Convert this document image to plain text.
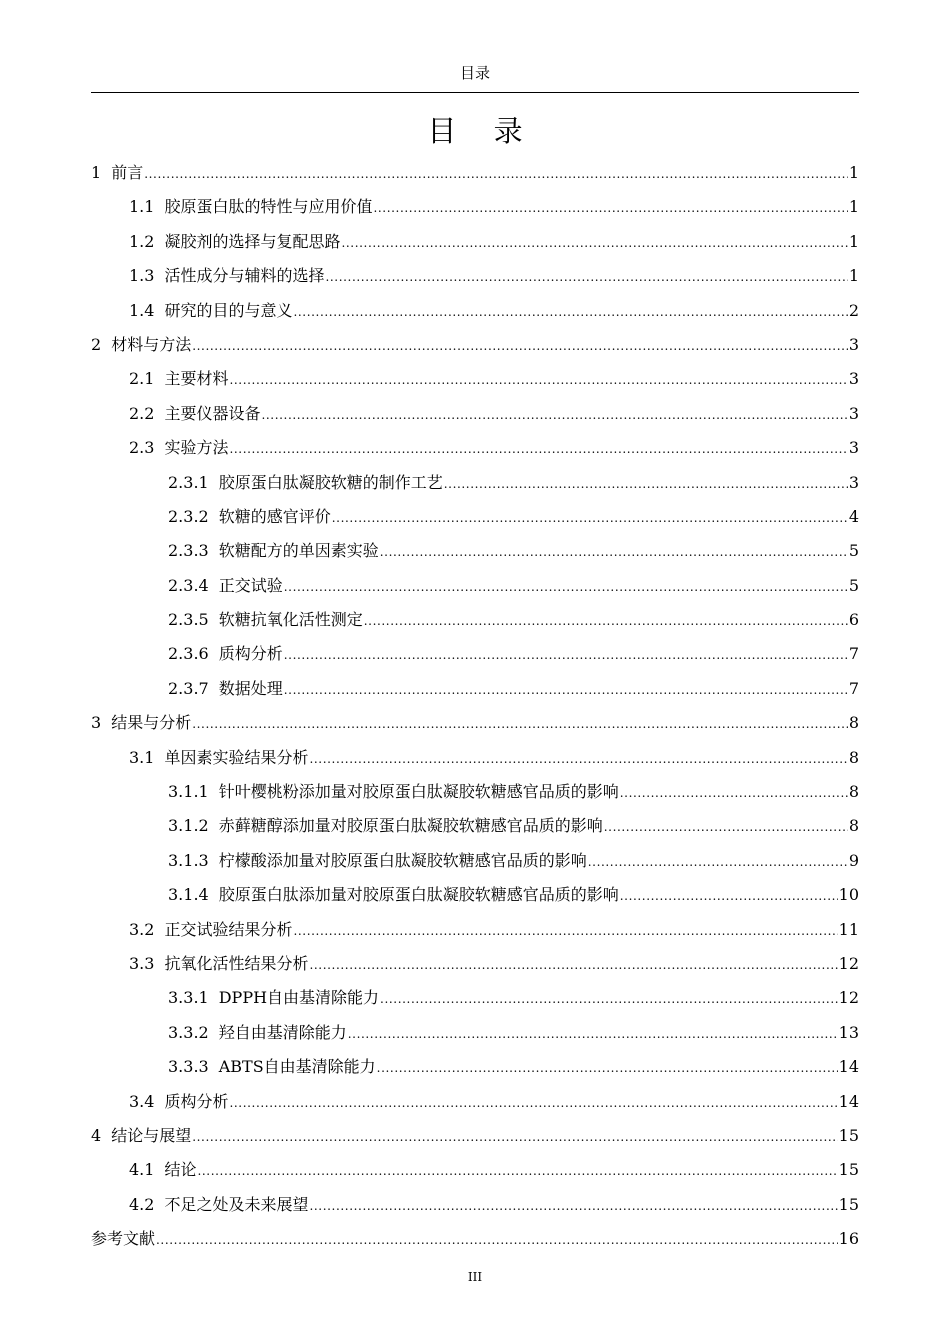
目录
目 录
1 前言 .....	1
1.1 胶原蛋白肽的特性与应用价值 .....	1
1.2 凝胶剂的选择与复配思路 .....	1
1.3 活性成分与辅料的选择 .....	1
1.4 研究的目的与意义 .....	2
2 材料与方法 .....	3
2.1 主要材料 .....	3
2.2 主要仪器设备 .....	3
2.3 实验方法 .....	3
2.3.1 胶原蛋白肽凝胶软糖的制作工艺 .....	3
2.3.2 软糖的感官评价 .....	4
2.3.3 软糖配方的单因素实验 .....	5
2.3.4 正交试验 .....	5
2.3.5 软糖抗氧化活性测定 .....	6
2.3.6 质构分析 .....	7
2.3.7 数据处理 .....	7
3 结果与分析 .....	8
3.1 单因素实验结果分析 .....	8
3.1.1 针叶樱桃粉添加量对胶原蛋白肽凝胶软糖感官品质的影响 .....	8
3.1.2 赤藓糖醇添加量对胶原蛋白肽凝胶软糖感官品质的影响 .....	8
3.1.3 柠檬酸添加量对胶原蛋白肽凝胶软糖感官品质的影响 .....	9
3.1.4 胶原蛋白肽添加量对胶原蛋白肽凝胶软糖感官品质的影响 .....	10
3.2 正交试验结果分析 .....	11
3.3 抗氧化活性结果分析 .....	12
3.3.1 DPPH自由基清除能力 .....	12
3.3.2 羟自由基清除能力 .....	13
3.3.3 ABTS自由基清除能力 .....	14
3.4 质构分析 .....	14
4 结论与展望 .....	15
4.1 结论 .....	15
4.2 不足之处及未来展望 .....	15
参考文献 .....	16
III
